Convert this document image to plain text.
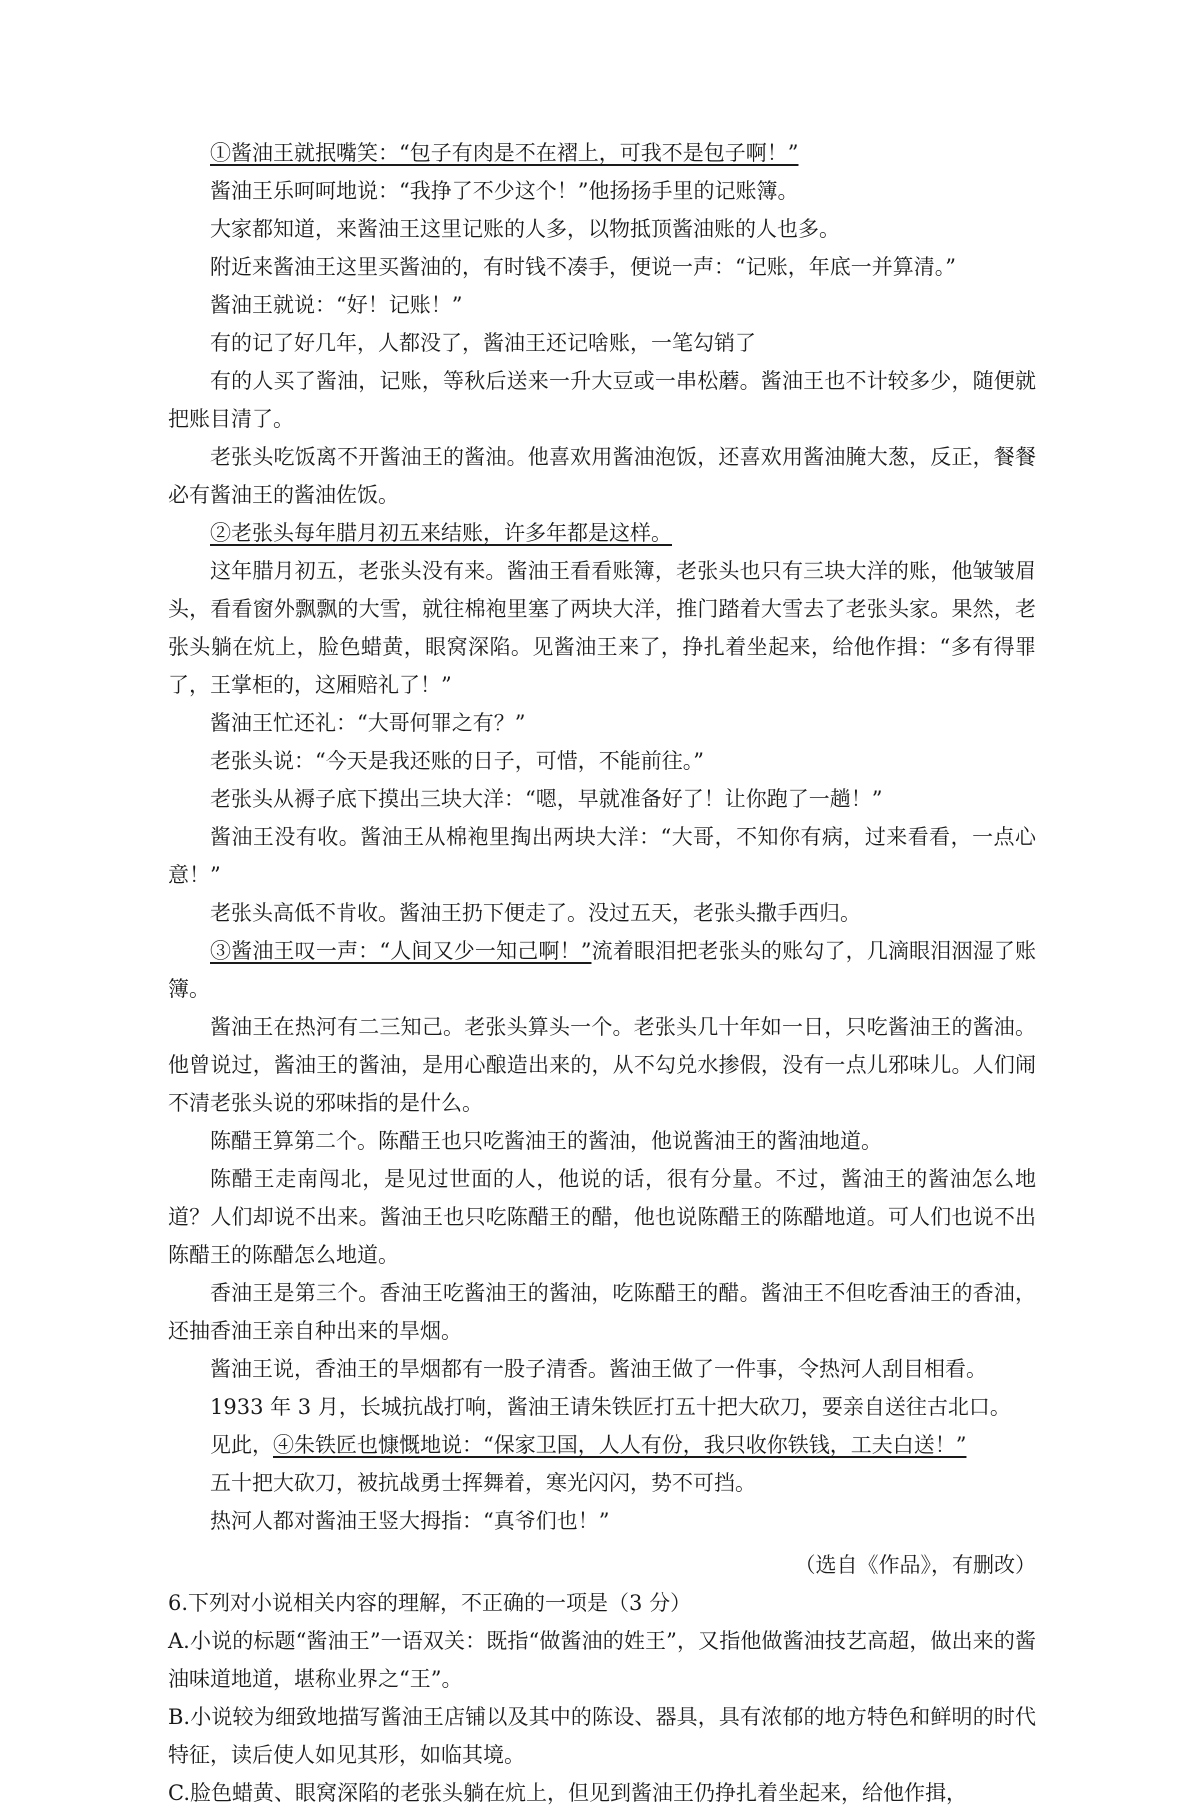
①酱油王就抿嘴笑：“包子有肉是不在褶上，可我不是包子啊！”

酱油王乐呵呵地说：“我挣了不少这个！”他扬扬手里的记账簿。

大家都知道，来酱油王这里记账的人多，以物抵顶酱油账的人也多。

附近来酱油王这里买酱油的，有时钱不凑手，便说一声：“记账，年底一并算清。”

酱油王就说：“好！记账！”

有的记了好几年，人都没了，酱油王还记啥账，一笔勾销了

有的人买了酱油，记账，等秋后送来一升大豆或一串松蘑。酱油王也不计较多少，随便就把账目清了。

老张头吃饭离不开酱油王的酱油。他喜欢用酱油泡饭，还喜欢用酱油腌大葱，反正，餐餐必有酱油王的酱油佐饭。

②老张头每年腊月初五来结账，许多年都是这样。

这年腊月初五，老张头没有来。酱油王看看账簿，老张头也只有三块大洋的账，他皱皱眉头，看看窗外飘飘的大雪，就往棉袍里塞了两块大洋，推门踏着大雪去了老张头家。果然，老张头躺在炕上，脸色蜡黄，眼窝深陷。见酱油王来了，挣扎着坐起来，给他作揖：“多有得罪了，王掌柜的，这厢赔礼了！”

酱油王忙还礼：“大哥何罪之有？”

老张头说：“今天是我还账的日子，可惜，不能前往。”

老张头从褥子底下摸出三块大洋：“嗯，早就准备好了！让你跑了一趟！”

酱油王没有收。酱油王从棉袍里掏出两块大洋：“大哥，不知你有病，过来看看，一点心意！”

老张头高低不肯收。酱油王扔下便走了。没过五天，老张头撒手西归。

③酱油王叹一声：“人间又少一知己啊！”流着眼泪把老张头的账勾了，几滴眼泪洇湿了账簿。

酱油王在热河有二三知己。老张头算头一个。老张头几十年如一日，只吃酱油王的酱油。他曾说过，酱油王的酱油，是用心酿造出来的，从不勾兑水掺假，没有一点儿邪味儿。人们闹不清老张头说的邪味指的是什么。

陈醋王算第二个。陈醋王也只吃酱油王的酱油，他说酱油王的酱油地道。

陈醋王走南闯北，是见过世面的人，他说的话，很有分量。不过，酱油王的酱油怎么地道？人们却说不出来。酱油王也只吃陈醋王的醋，他也说陈醋王的陈醋地道。可人们也说不出陈醋王的陈醋怎么地道。

香油王是第三个。香油王吃酱油王的酱油，吃陈醋王的醋。酱油王不但吃香油王的香油，还抽香油王亲自种出来的旱烟。

酱油王说，香油王的旱烟都有一股子清香。酱油王做了一件事，令热河人刮目相看。

1933 年 3 月，长城抗战打响，酱油王请朱铁匠打五十把大砍刀，要亲自送往古北口。

见此，④朱铁匠也慷慨地说：“保家卫国，人人有份，我只收你铁钱，工夫白送！”

五十把大砍刀，被抗战勇士挥舞着，寒光闪闪，势不可挡。

热河人都对酱油王竖大拇指：“真爷们也！”

（选自《作品》，有删改）

6.下列对小说相关内容的理解，不正确的一项是（3 分）

A.小说的标题“酱油王”一语双关：既指“做酱油的姓王”，又指他做酱油技艺高超，做出来的酱油味道地道，堪称业界之“王”。

B.小说较为细致地描写酱油王店铺以及其中的陈设、器具，具有浓郁的地方特色和鲜明的时代特征，读后使人如见其形，如临其境。

C.脸色蜡黄、眼窝深陷的老张头躺在炕上，但见到酱油王仍挣扎着坐起来，给他作揖，
